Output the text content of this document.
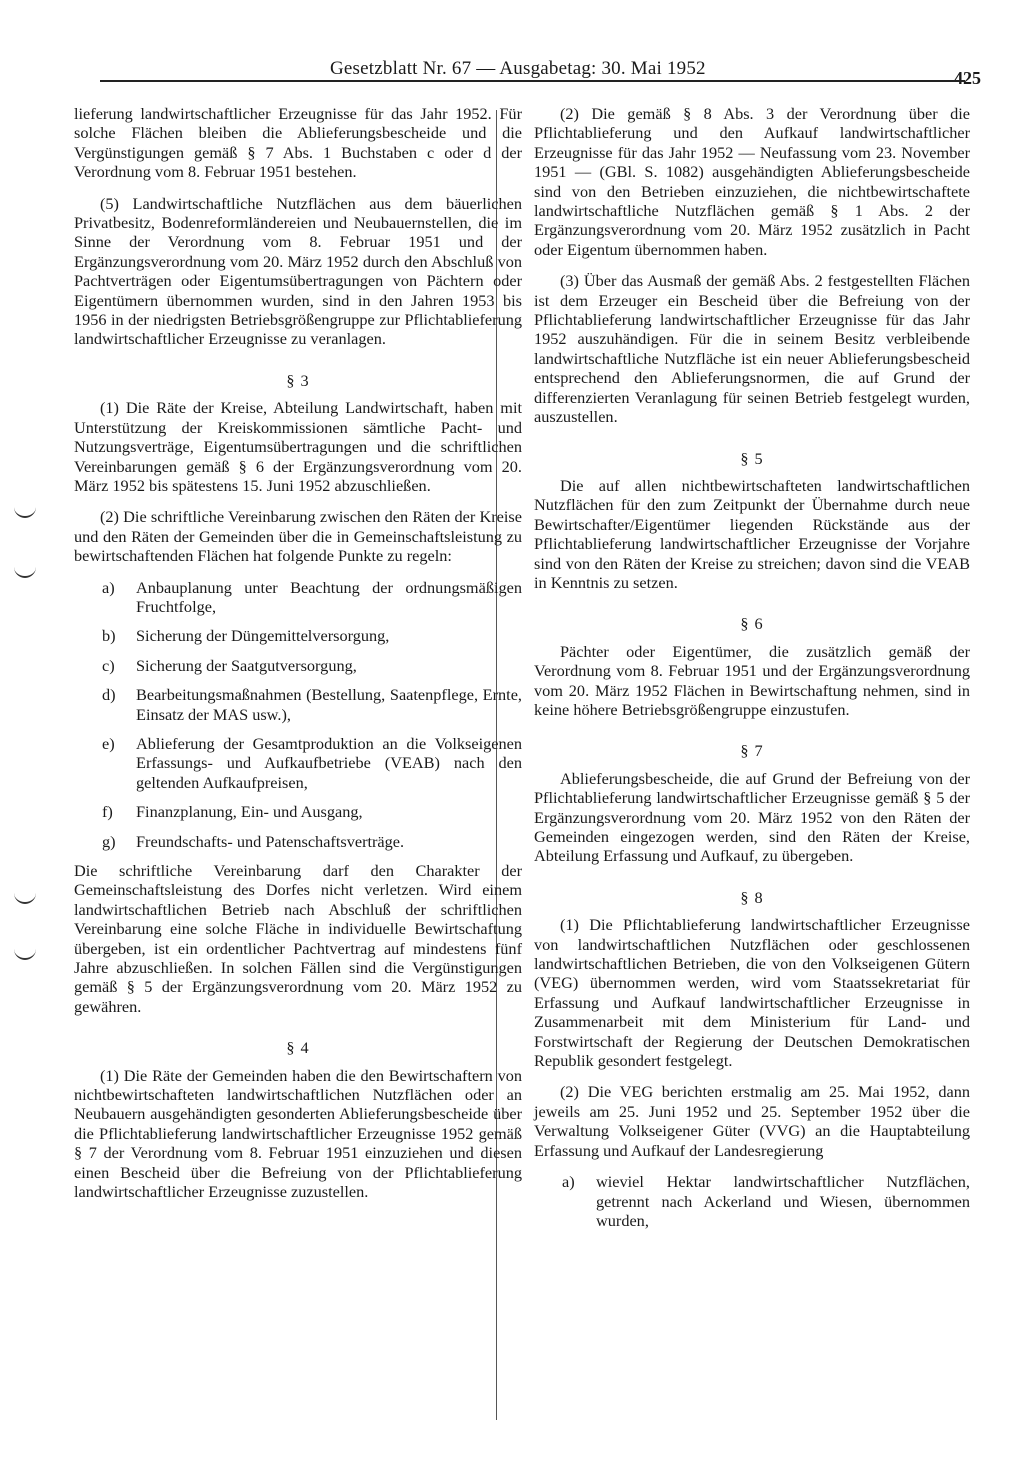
Gesetzblatt Nr. 67 — Ausgabetag: 30. Mai 1952	425

lieferung landwirtschaftlicher Erzeugnisse für das Jahr 1952. Für solche Flächen bleiben die Ablieferungsbescheide und die Vergünstigungen gemäß § 7 Abs. 1 Buchstaben c oder d der Verordnung vom 8. Februar 1951 bestehen.

(5) Landwirtschaftliche Nutzflächen aus dem bäuerlichen Privatbesitz, Bodenreformländereien und Neubauernstellen, die im Sinne der Verordnung vom 8. Februar 1951 und der Ergänzungsverordnung vom 20. März 1952 durch den Abschluß von Pachtverträgen oder Eigentumsübertragungen von Pächtern oder Eigentümern übernommen wurden, sind in den Jahren 1953 bis 1956 in der niedrigsten Betriebsgrößengruppe zur Pflichtablieferung landwirtschaftlicher Erzeugnisse zu veranlagen.

§ 3

(1) Die Räte der Kreise, Abteilung Landwirtschaft, haben mit Unterstützung der Kreiskommissionen sämtliche Pacht- und Nutzungsverträge, Eigentumsübertragungen und die schriftlichen Vereinbarungen gemäß § 6 der Ergänzungsverordnung vom 20. März 1952 bis spätestens 15. Juni 1952 abzuschließen.

(2) Die schriftliche Vereinbarung zwischen den Räten der Kreise und den Räten der Gemeinden über die in Gemeinschaftsleistung zu bewirtschaftenden Flächen hat folgende Punkte zu regeln:

a)	Anbauplanung unter Beachtung der ordnungsmäßigen Fruchtfolge,
b)	Sicherung der Düngemittelversorgung,
c)	Sicherung der Saatgutversorgung,
d)	Bearbeitungsmaßnahmen (Bestellung, Saatenpflege, Ernte, Einsatz der MAS usw.),
e)	Ablieferung der Gesamtproduktion an die Volkseigenen Erfassungs- und Aufkaufbetriebe (VEAB) nach den geltenden Aufkaufpreisen,
f)	Finanzplanung, Ein- und Ausgang,
g)	Freundschafts- und Patenschaftsverträge.

Die schriftliche Vereinbarung darf den Charakter der Gemeinschaftsleistung des Dorfes nicht verletzen. Wird einem landwirtschaftlichen Betrieb nach Abschluß der schriftlichen Vereinbarung eine solche Fläche in individuelle Bewirtschaftung übergeben, ist ein ordentlicher Pachtvertrag auf mindestens fünf Jahre abzuschließen. In solchen Fällen sind die Vergünstigungen gemäß § 5 der Ergänzungsverordnung vom 20. März 1952 zu gewähren.

§ 4

(1) Die Räte der Gemeinden haben die den Bewirtschaftern von nichtbewirtschafteten landwirtschaftlichen Nutzflächen oder an Neubauern ausgehändigten gesonderten Ablieferungsbescheide über die Pflichtablieferung landwirtschaftlicher Erzeugnisse 1952 gemäß § 7 der Verordnung vom 8. Februar 1951 einzuziehen und diesen einen Bescheid über die Befreiung von der Pflichtablieferung landwirtschaftlicher Erzeugnisse zuzustellen.

(2) Die gemäß § 8 Abs. 3 der Verordnung über die Pflichtablieferung und den Aufkauf landwirtschaftlicher Erzeugnisse für das Jahr 1952 — Neufassung vom 23. November 1951 — (GBl. S. 1082) ausgehändigten Ablieferungsbescheide sind von den Betrieben einzuziehen, die nichtbewirtschaftete landwirtschaftliche Nutzflächen gemäß § 1 Abs. 2 der Ergänzungsverordnung vom 20. März 1952 zusätzlich in Pacht oder Eigentum übernommen haben.

(3) Über das Ausmaß der gemäß Abs. 2 festgestellten Flächen ist dem Erzeuger ein Bescheid über die Befreiung von der Pflichtablieferung landwirtschaftlicher Erzeugnisse für das Jahr 1952 auszuhändigen. Für die in seinem Besitz verbleibende landwirtschaftliche Nutzfläche ist ein neuer Ablieferungsbescheid entsprechend den Ablieferungsnormen, die auf Grund der differenzierten Veranlagung für seinen Betrieb festgelegt wurden, auszustellen.

§ 5

Die auf allen nichtbewirtschafteten landwirtschaftlichen Nutzflächen für den zum Zeitpunkt der Übernahme durch neue Bewirtschafter/Eigentümer liegenden Rückstände aus der Pflichtablieferung landwirtschaftlicher Erzeugnisse der Vorjahre sind von den Räten der Kreise zu streichen; davon sind die VEAB in Kenntnis zu setzen.

§ 6

Pächter oder Eigentümer, die zusätzlich gemäß der Verordnung vom 8. Februar 1951 und der Ergänzungsverordnung vom 20. März 1952 Flächen in Bewirtschaftung nehmen, sind in keine höhere Betriebsgrößengruppe einzustufen.

§ 7

Ablieferungsbescheide, die auf Grund der Befreiung von der Pflichtablieferung landwirtschaftlicher Erzeugnisse gemäß § 5 der Ergänzungsverordnung vom 20. März 1952 von den Räten der Gemeinden eingezogen werden, sind den Räten der Kreise, Abteilung Erfassung und Aufkauf, zu übergeben.

§ 8

(1) Die Pflichtablieferung landwirtschaftlicher Erzeugnisse von landwirtschaftlichen Nutzflächen oder geschlossenen landwirtschaftlichen Betrieben, die von den Volkseigenen Gütern (VEG) übernommen werden, wird vom Staatssekretariat für Erfassung und Aufkauf landwirtschaftlicher Erzeugnisse in Zusammenarbeit mit dem Ministerium für Land- und Forstwirtschaft der Regierung der Deutschen Demokratischen Republik gesondert festgelegt.

(2) Die VEG berichten erstmalig am 25. Mai 1952, dann jeweils am 25. Juni 1952 und 25. September 1952 über die Verwaltung Volkseigener Güter (VVG) an die Hauptabteilung Erfassung und Aufkauf der Landesregierung

a)	wieviel Hektar landwirtschaftlicher Nutzflächen, getrennt nach Ackerland und Wiesen, übernommen wurden,
